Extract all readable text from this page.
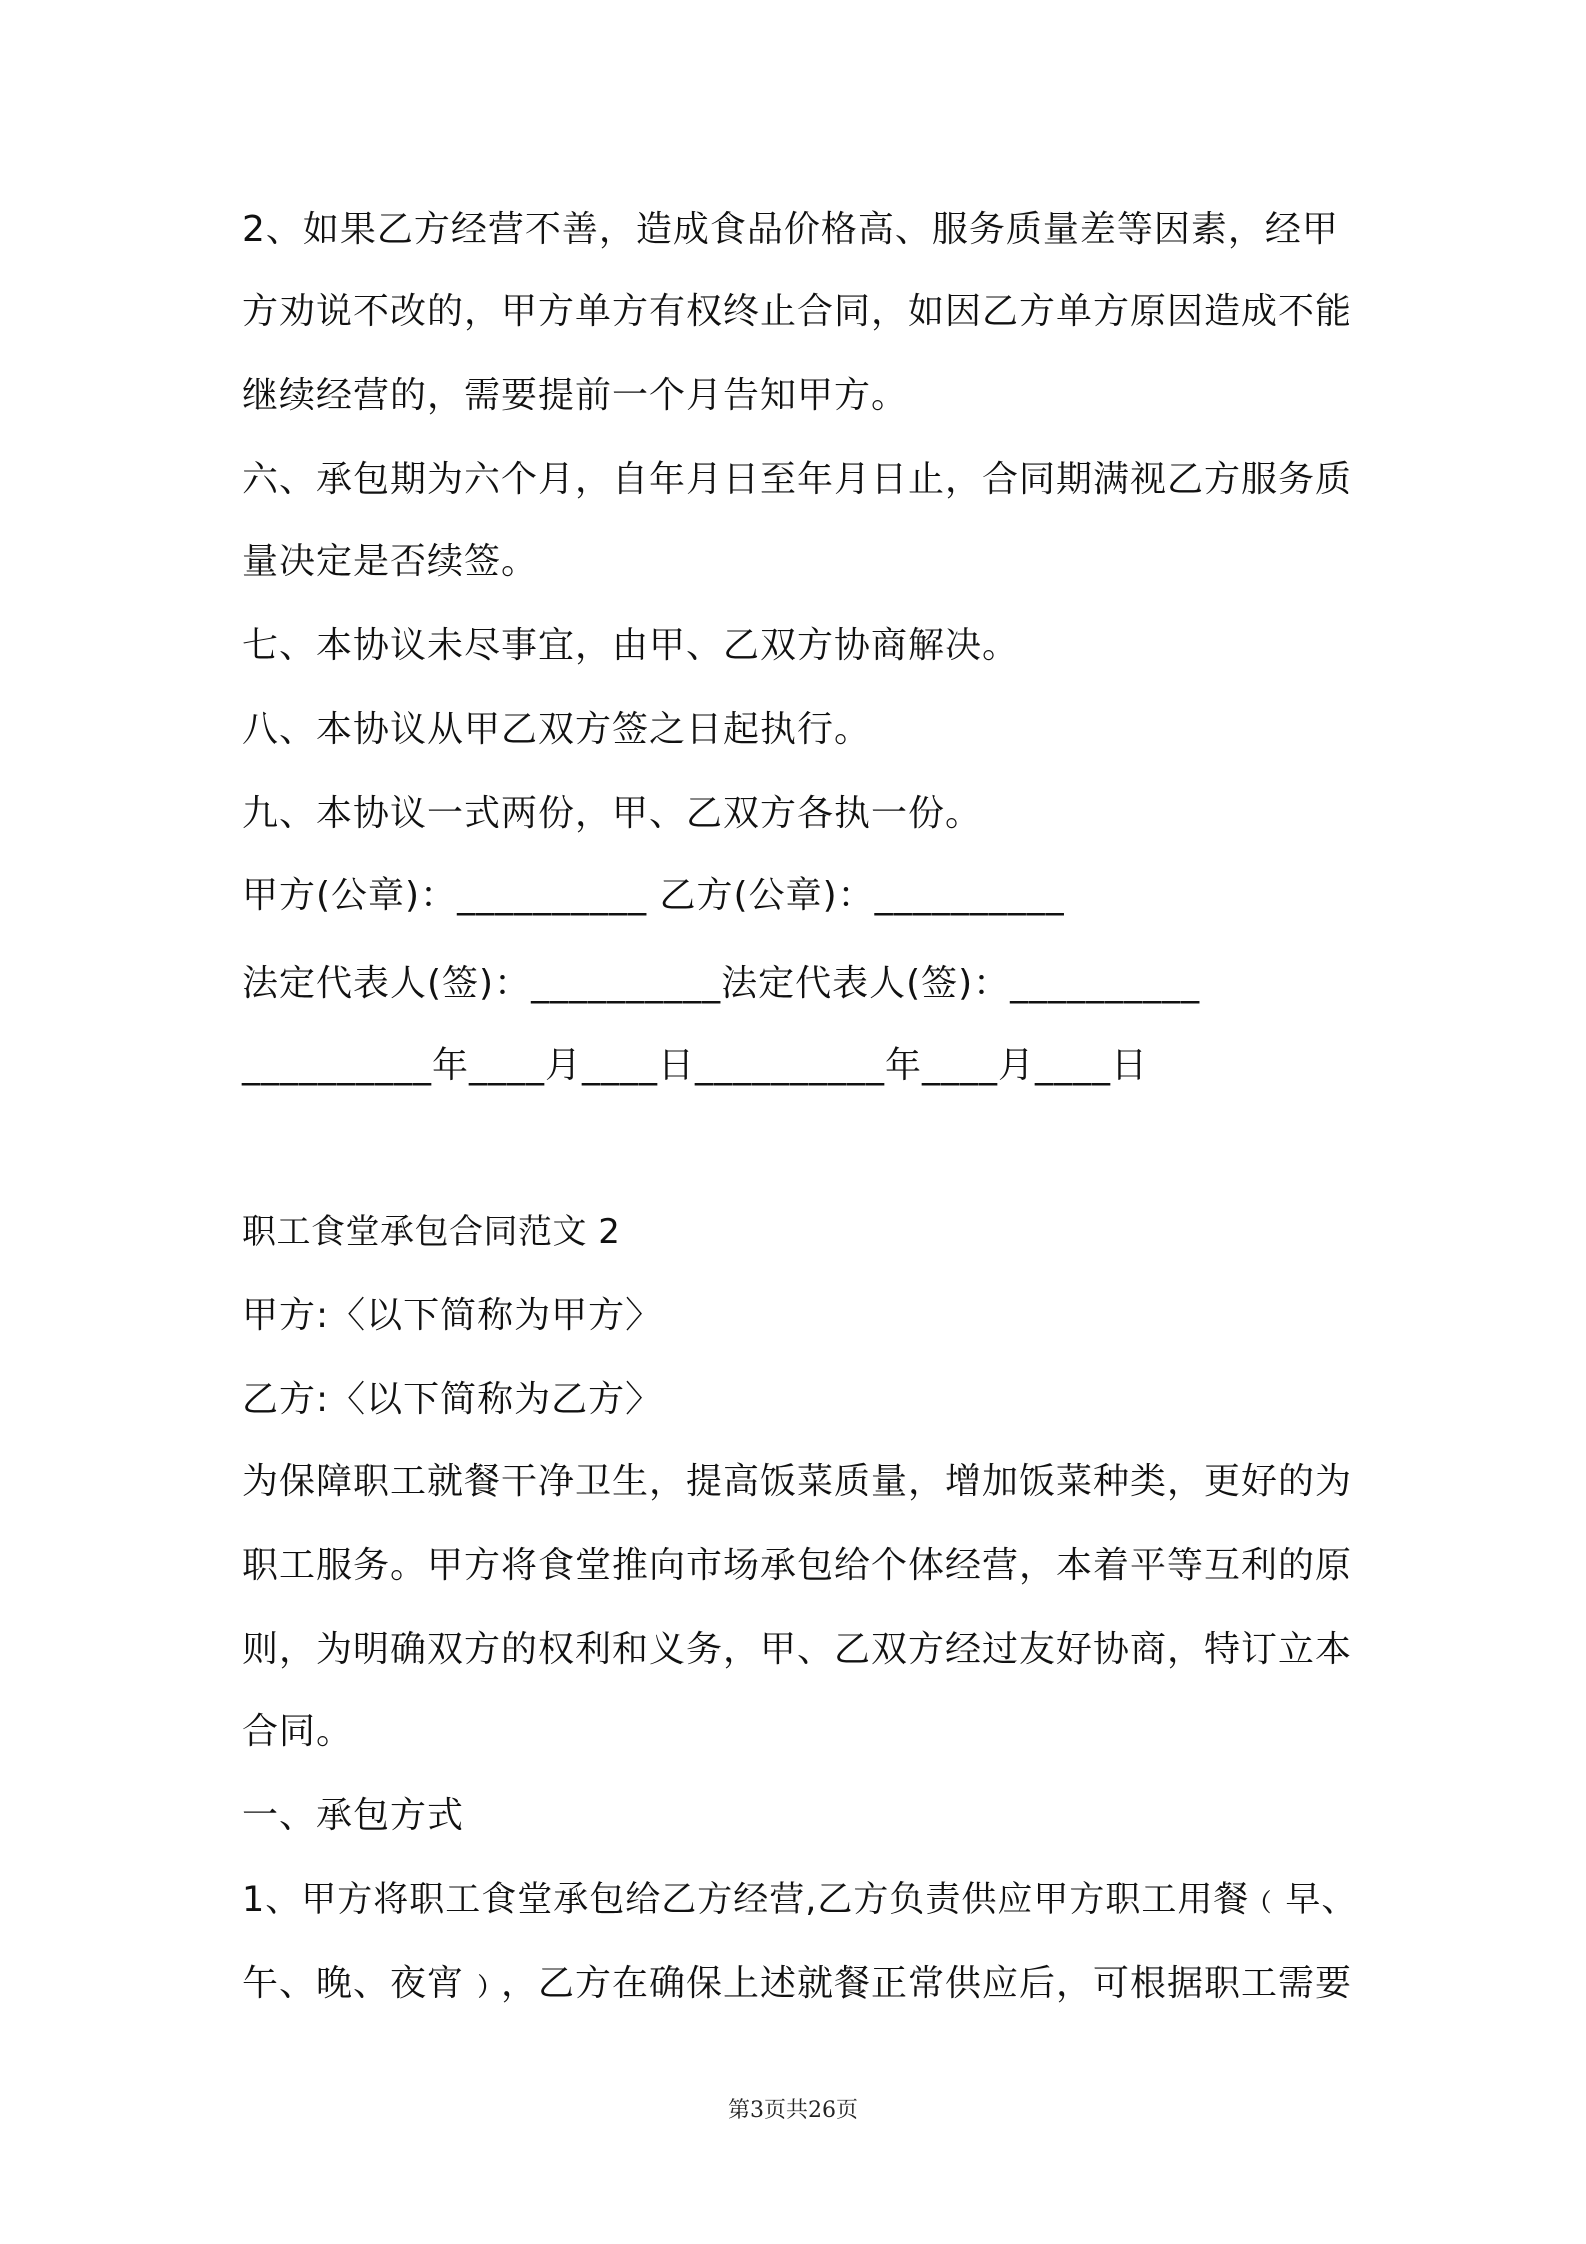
2、如果乙方经营不善，造成食品价格高、服务质量差等因素，经甲
方劝说不改的，甲方单方有权终止合同，如因乙方单方原因造成不能
继续经营的，需要提前一个月告知甲方。
六、承包期为六个月，自年月日至年月日止，合同期满视乙方服务质
量决定是否续签。
七、本协议未尽事宜，由甲、乙双方协商解决。
八、本协议从甲乙双方签之日起执行。
九、本协议一式两份，甲、乙双方各执一份。
甲方(公章)：__________ 乙方(公章)：__________
法定代表人(签)：__________法定代表人(签)：__________
__________年____月____日__________年____月____日
职工食堂承包合同范文 2
甲方:〈以下简称为甲方〉
乙方:〈以下简称为乙方〉
为保障职工就餐干净卫生，提高饭菜质量，增加饭菜种类，更好的为
职工服务。甲方将食堂推向市场承包给个体经营，本着平等互利的原
则，为明确双方的权利和义务，甲、乙双方经过友好协商，特订立本
合同。
一、承包方式
1、甲方将职工食堂承包给乙方经营,乙方负责供应甲方职工用餐﹙早、
午、晚、夜宵﹚，乙方在确保上述就餐正常供应后，可根据职工需要
第3页共26页
